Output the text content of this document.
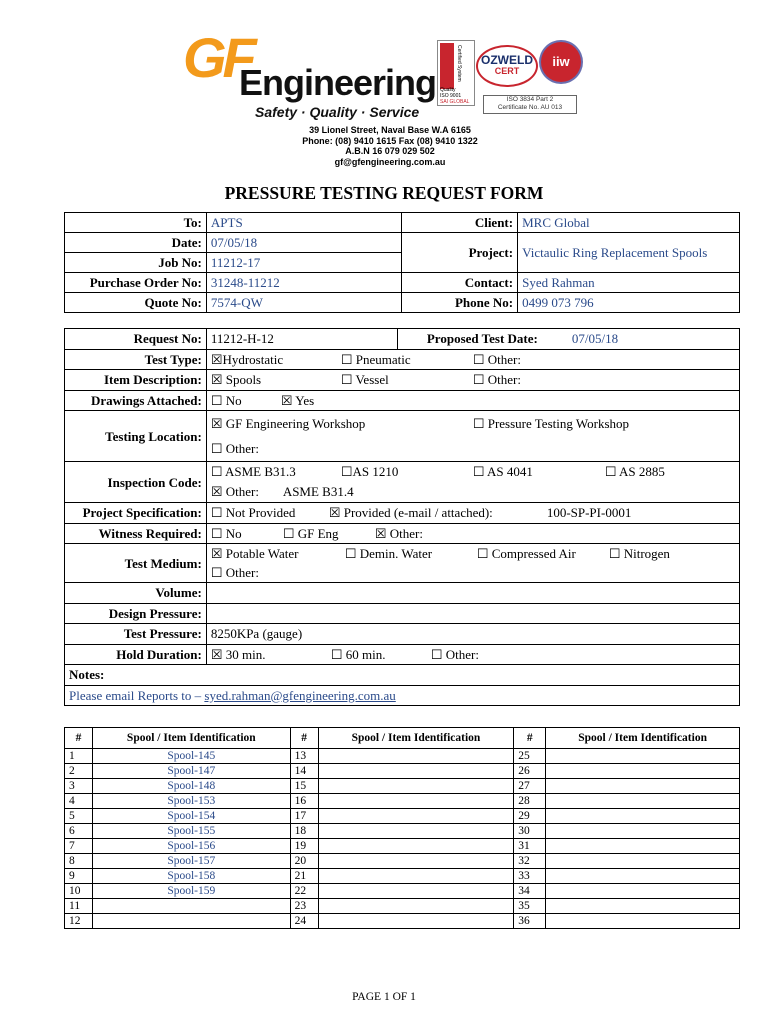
GF
Engineering
Safety · Quality · Service
39 Lionel Street, Naval Base W.A 6165
Phone: (08) 9410 1615 Fax (08) 9410 1322
A.B.N 16 079 029 502
gf@gfengineering.com.au
Certified System
Quality
ISO 9001
SAI GLOBAL
OZWELD
CERT
iiw
ISO 3834 Part 2
Certificate No. AU 013
PRESSURE TESTING REQUEST FORM
To:	APTS	Client:	MRC Global
Date:	07/05/18	Project:	Victaulic Ring Replacement Spools
Job No:	11212-17		
Purchase Order No:	31248-11212	Contact:	Syed Rahman
Quote No:	7574-QW	Phone No:	0499 073 796
Request No:	11212-H-12	Proposed Test Date:	07/05/18
Test Type:	☒Hydrostatic ☐ Pneumatic ☐ Other:		
Item Description:	☒ Spools ☐ Vessel ☐ Other:		
Drawings Attached:	☐ No ☒ Yes		
Testing Location:	☒ GF Engineering Workshop ☐ Pressure Testing Workshop
☐ Other:		

Inspection Code:	☐ ASME B31.3 ☐AS 1210 ☐ AS 4041 ☐ AS 2885
☒ Other: ASME B31.4		

Project Specification:	☐ Not Provided ☒ Provided (e-mail / attached): 100-SP-PI-0001		
Witness Required:	☐ No ☐ GF Eng ☒ Other:		
Test Medium:	☒ Potable Water ☐ Demin. Water ☐ Compressed Air ☐ Nitrogen
☐ Other:		

Volume:			
Design Pressure:			
Test Pressure:	8250KPa (gauge)		
Hold Duration:	☒ 30 min. ☐ 60 min. ☐ Other:		
Notes:			
Please email Reports to – syed.rahman@gfengineering.com.au			
#	Spool / Item Identification	#	Spool / Item Identification	#	Spool / Item Identification
1	Spool-145	13		25	
2	Spool-147	14		26	
3	Spool-148	15		27	
4	Spool-153	16		28	
5	Spool-154	17		29	
6	Spool-155	18		30	
7	Spool-156	19		31	
8	Spool-157	20		32	
9	Spool-158	21		33	
10	Spool-159	22		34	
11		23		35	
12		24		36	
PAGE 1 OF 1
